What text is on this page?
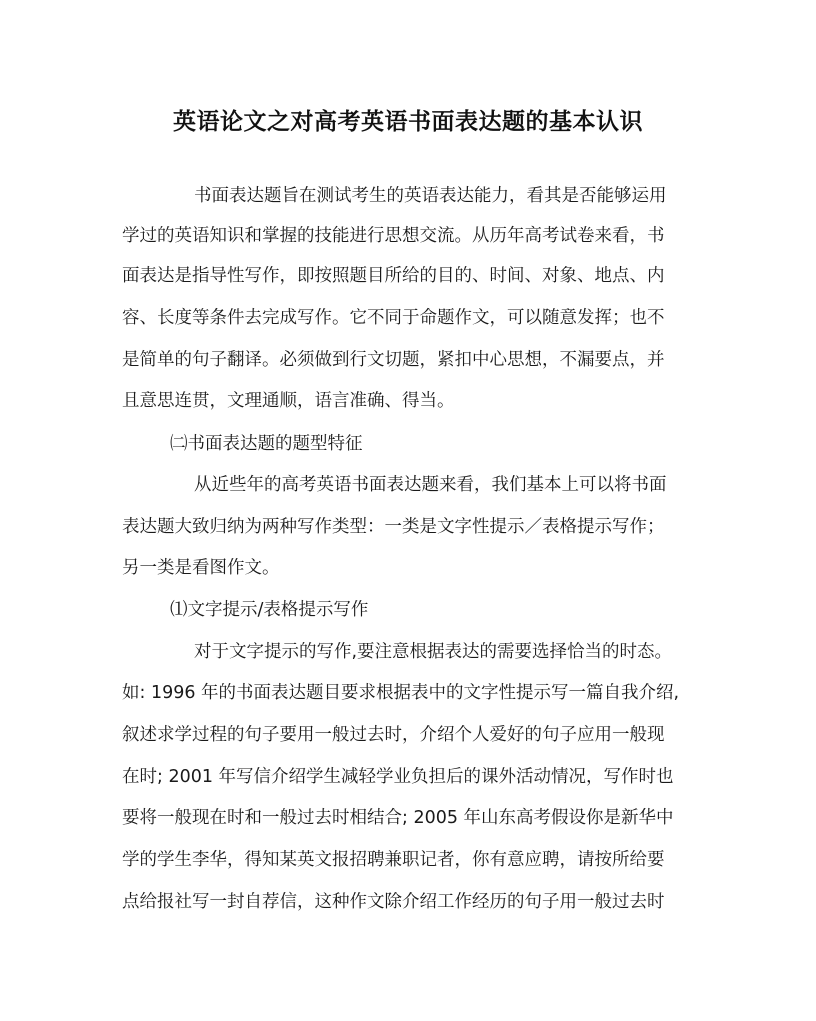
英语论文之对高考英语书面表达题的基本认识

书面表达题旨在测试考生的英语表达能力，看其是否能够运用

学过的英语知识和掌握的技能进行思想交流。从历年高考试卷来看，书

面表达是指导性写作，即按照题目所给的目的、时间、对象、地点、内

容、长度等条件去完成写作。它不同于命题作文，可以随意发挥；也不

是简单的句子翻译。必须做到行文切题，紧扣中心思想，不漏要点，并

且意思连贯，文理通顺，语言准确、得当。

㈡书面表达题的题型特征

从近些年的高考英语书面表达题来看，我们基本上可以将书面

表达题大致归纳为两种写作类型：一类是文字性提示／表格提示写作；

另一类是看图作文。

⑴文字提示/表格提示写作

对于文字提示的写作,要注意根据表达的需要选择恰当的时态。

如: 1996 年的书面表达题目要求根据表中的文字性提示写一篇自我介绍,

叙述求学过程的句子要用一般过去时，介绍个人爱好的句子应用一般现

在时; 2001 年写信介绍学生减轻学业负担后的课外活动情况，写作时也

要将一般现在时和一般过去时相结合; 2005 年山东高考假设你是新华中

学的学生李华，得知某英文报招聘兼职记者，你有意应聘，请按所给要

点给报社写一封自荐信，这种作文除介绍工作经历的句子用一般过去时
